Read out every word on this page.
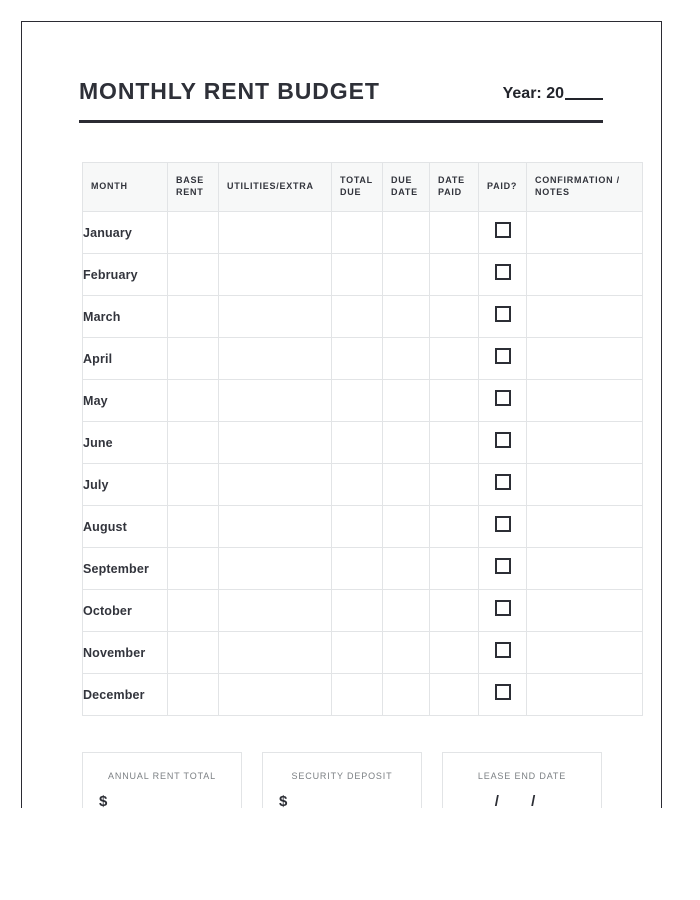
MONTHLY RENT BUDGET	Year: 20
MONTH	BASE RENT	UTILITIES/EXTRA	TOTAL DUE	DUE DATE	DATE PAID	PAID?	CONFIRMATION / NOTES
January							
February							
March							
April							
May							
June							
July							
August							
September							
October							
November							
December							
ANNUAL RENT TOTAL
$
SECURITY DEPOSIT
$
LEASE END DATE
/ /
